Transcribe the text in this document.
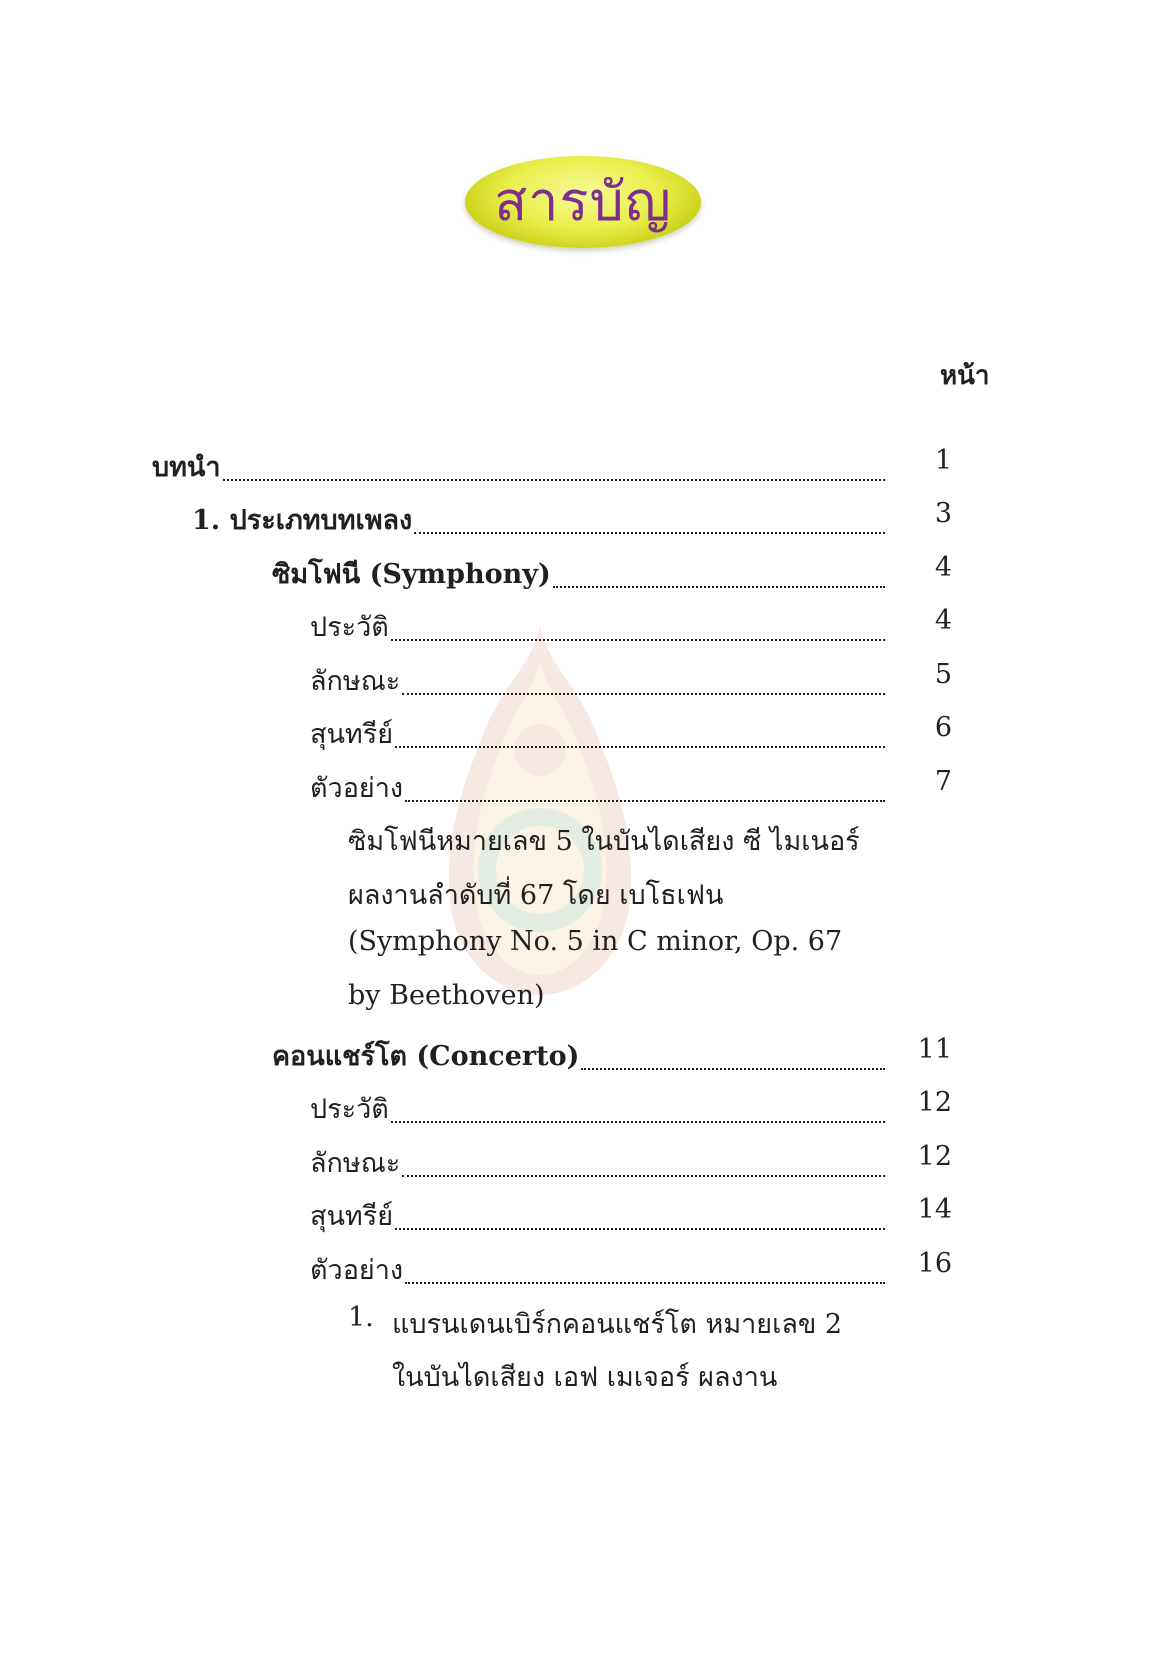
สารบัญ
หน้า
บทนำ	1
1. ประเภทบทเพลง	3
ซิมโฟนี (Symphony)	4
ประวัติ	4
ลักษณะ	5
สุนทรีย์	6
ตัวอย่าง	7
ซิมโฟนีหมายเลข 5 ในบันไดเสียง ซี ไมเนอร์
ผลงานลำดับที่ 67 โดย เบโธเฟน
(Symphony No. 5 in C minor, Op. 67
by Beethoven)
คอนแชร์โต (Concerto)	11
ประวัติ	12
ลักษณะ	12
สุนทรีย์	14
ตัวอย่าง	16
1. แบรนเดนเบิร์กคอนแชร์โต หมายเลข 2
ในบันไดเสียง เอฟ เมเจอร์ ผลงาน
